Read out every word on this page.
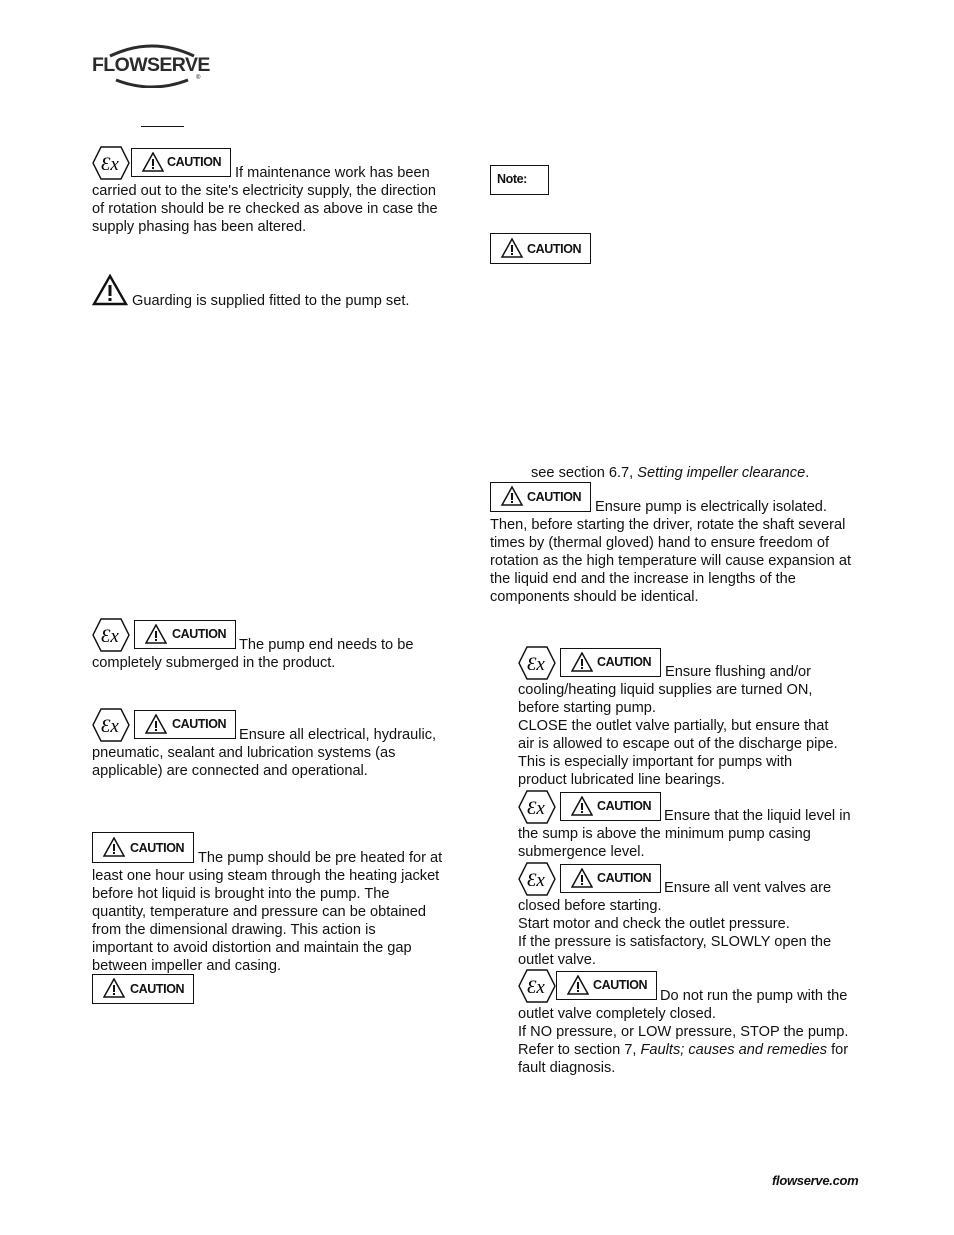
FLOWSERVE
®
Ɛx	CAUTION

If maintenance work has been

carried out to the site's electricity supply, the direction

of rotation should be re checked as above in case the

supply phasing has been altered.

Guarding is supplied fitted to the pump set.
Ɛx	CAUTION

The pump end needs to be

completely submerged in the product.

Ɛx	CAUTION

Ensure all electrical, hydraulic,

pneumatic, sealant and lubrication systems (as

applicable) are connected and operational.

CAUTION

The pump should be pre heated for at

least one hour using steam through the heating jacket

before hot liquid is brought into the pump. The

quantity, temperature and pressure can be obtained

from the dimensional drawing. This action is

important to avoid distortion and maintain the gap

between impeller and casing.

CAUTION
Note:
CAUTION
see section 6.7, Setting impeller clearance.
CAUTION

Ensure pump is electrically isolated.

Then, before starting the driver, rotate the shaft several

times by (thermal gloved) hand to ensure freedom of

rotation as the high temperature will cause expansion at

the liquid end and the increase in lengths of the

components should be identical.

Ɛx	CAUTION

Ensure flushing and/or

cooling/heating liquid supplies are turned ON,

before starting pump.

CLOSE the outlet valve partially, but ensure that

air is allowed to escape out of the discharge pipe.

This is especially important for pumps with

product lubricated line bearings.

Ɛx	CAUTION

Ensure that the liquid level in

the sump is above the minimum pump casing

submergence level.

Ɛx	CAUTION

Ensure all vent valves are

closed before starting.

Start motor and check the outlet pressure.

If the pressure is satisfactory, SLOWLY open the

outlet valve.

Ɛx	CAUTION

Do not run the pump with the

outlet valve completely closed.

If NO pressure, or LOW pressure, STOP the pump.

Refer to section 7, Faults; causes and remedies for

fault diagnosis.

flowserve.com
